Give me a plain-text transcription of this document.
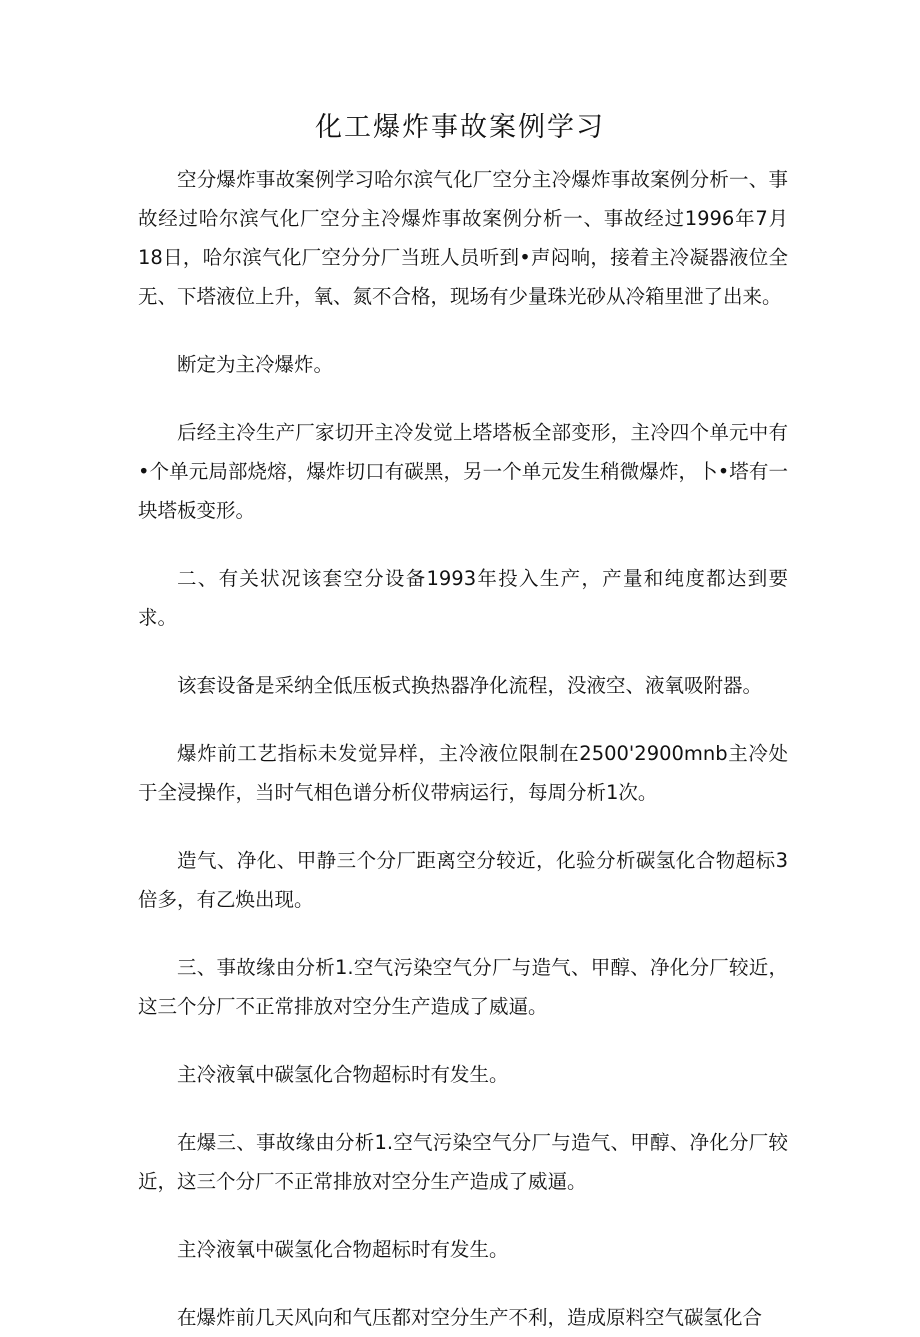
化工爆炸事故案例学习

空分爆炸事故案例学习哈尔滨气化厂空分主冷爆炸事故案例分析一、事故经过哈尔滨气化厂空分主冷爆炸事故案例分析一、事故经过1996年7月18日，哈尔滨气化厂空分分厂当班人员听到•声闷响，接着主冷凝器液位全无、下塔液位上升，氧、氮不合格，现场有少量珠光砂从冷箱里泄了出来。

断定为主冷爆炸。

后经主冷生产厂家切开主冷发觉上塔塔板全部变形，主冷四个单元中有•个单元局部烧熔，爆炸切口有碳黑，另一个单元发生稍微爆炸，卜•塔有一块塔板变形。

二、有关状况该套空分设备1993年投入生产，产量和纯度都达到要求。

该套设备是采纳全低压板式换热器净化流程，没液空、液氧吸附器。

爆炸前工艺指标未发觉异样，主冷液位限制在2500'2900mnb主冷处于全浸操作，当时气相色谱分析仪带病运行，每周分析1次。

造气、净化、甲静三个分厂距离空分较近，化验分析碳氢化合物超标3倍多，有乙焕出现。

三、事故缘由分析1.空气污染空气分厂与造气、甲醇、净化分厂较近，这三个分厂不正常排放对空分生产造成了威逼。

主冷液氧中碳氢化合物超标时有发生。

在爆三、事故缘由分析1.空气污染空气分厂与造气、甲醇、净化分厂较近，这三个分厂不正常排放对空分生产造成了威逼。

主冷液氧中碳氢化合物超标时有发生。

在爆炸前几天风向和气压都对空分生产不利，造成原料空气碳氢化合
